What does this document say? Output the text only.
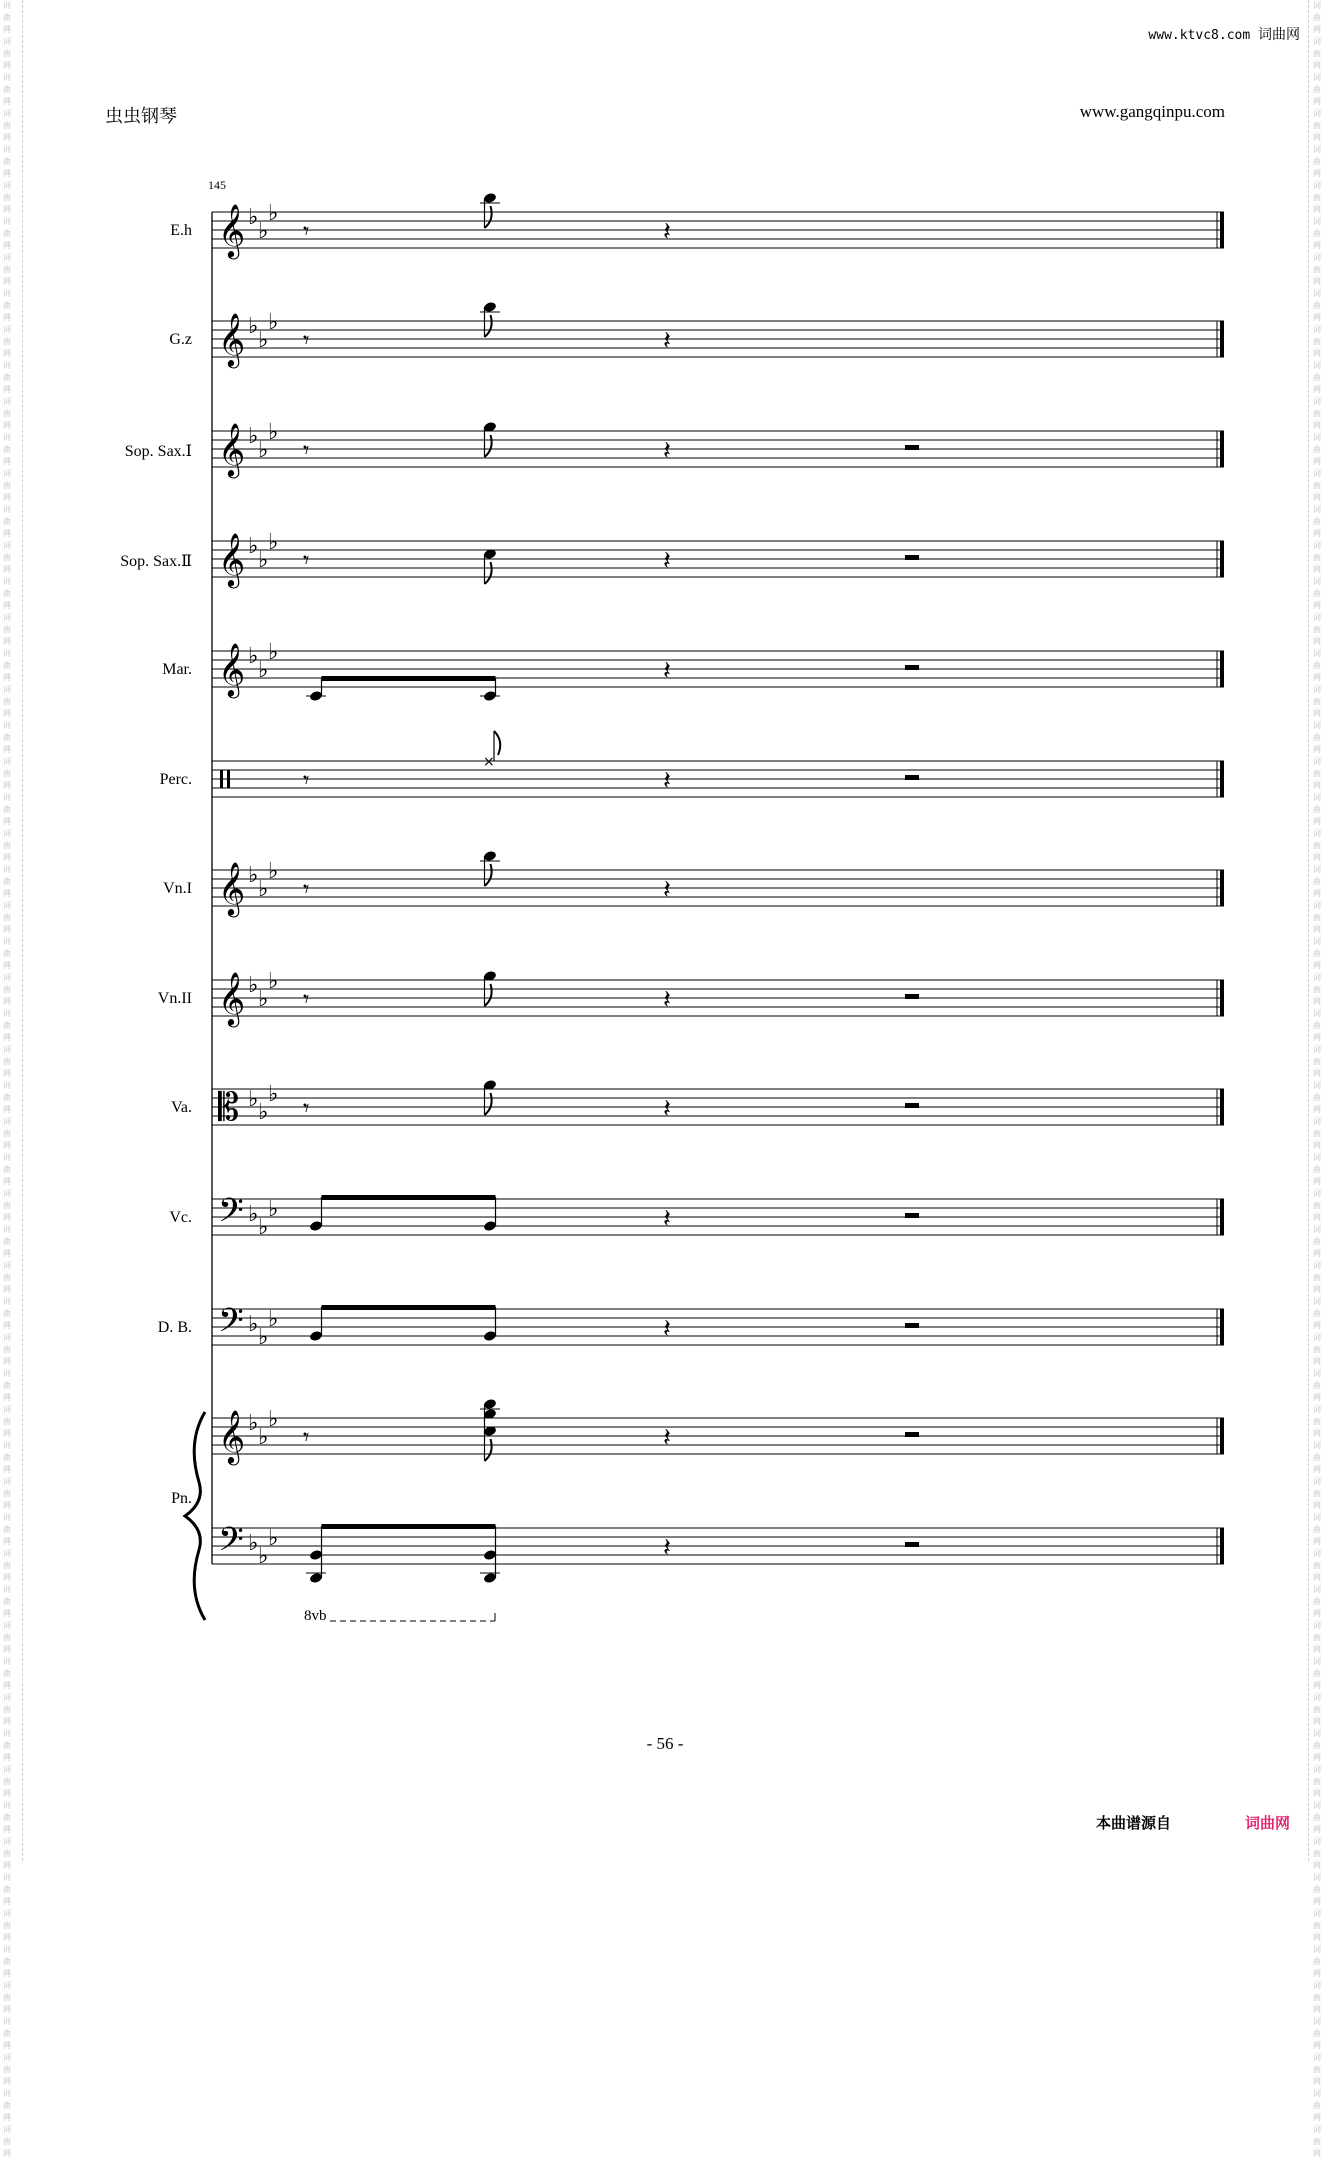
词曲网 词曲网 词曲网 词曲网 词曲网 词曲网 词曲网 词曲网 词曲网 词曲网 词曲网 词曲网 词曲网 词曲网 词曲网 词曲网 词曲网 词曲网 词曲网 词曲网 词曲网 词曲网 词曲网 词曲网 词曲网 词曲网 词曲网 词曲网 词曲网 词曲网 词曲网 词曲网 词曲网 词曲网 词曲网 词曲网 词曲网 词曲网 词曲网 词曲网 词曲网 词曲网 词曲网 词曲网 词曲网 词曲网 词曲网 词曲网 词曲网 词曲网 词曲网 词曲网 词曲网 词曲网 词曲网 词曲网 词曲网 词曲网 词曲网 词曲网
词曲网 词曲网 词曲网 词曲网 词曲网 词曲网 词曲网 词曲网 词曲网 词曲网 词曲网 词曲网 词曲网 词曲网 词曲网 词曲网 词曲网 词曲网 词曲网 词曲网 词曲网 词曲网 词曲网 词曲网 词曲网 词曲网 词曲网 词曲网 词曲网 词曲网 词曲网 词曲网 词曲网 词曲网 词曲网 词曲网 词曲网 词曲网 词曲网 词曲网 词曲网 词曲网 词曲网 词曲网 词曲网 词曲网 词曲网 词曲网 词曲网 词曲网 词曲网 词曲网 词曲网 词曲网 词曲网 词曲网 词曲网 词曲网 词曲网 词曲网
www.ktvc8.com 词曲网
虫虫钢琴	www.gangqinpu.com
145
E.h
G.z
Sop. Sax.Ⅰ
Sop. Sax.Ⅱ
Mar.
Perc.
Vn.I
Vn.II
Va.
Vc.
D. B.
Pn.
𝄞 ♭
♭
♭
𝄽
𝄞 ♭
♭
♭
𝄽
𝄞 ♭
♭
♭
𝄽
𝄞 ♭
♭
♭
𝄽
𝄞 ♭
♭
♭
𝄽
𝄽
𝄞 ♭
♭
♭
𝄽
𝄞 ♭
♭
♭
𝄽
𝄡 ♭
♭
♭	𝄽
𝄢 ♭
♭
♭	𝄽
𝄢 ♭
♭
♭	𝄽
𝄞 ♭
♭
♭
𝄽
𝄢 ♭
♭
♭	𝄽
𝄾
𝄾
𝄾
𝄾
𝄾
𝄾
𝄾
𝄾
×
𝄾
8vb
- 56 -
本曲谱源自	词曲网
